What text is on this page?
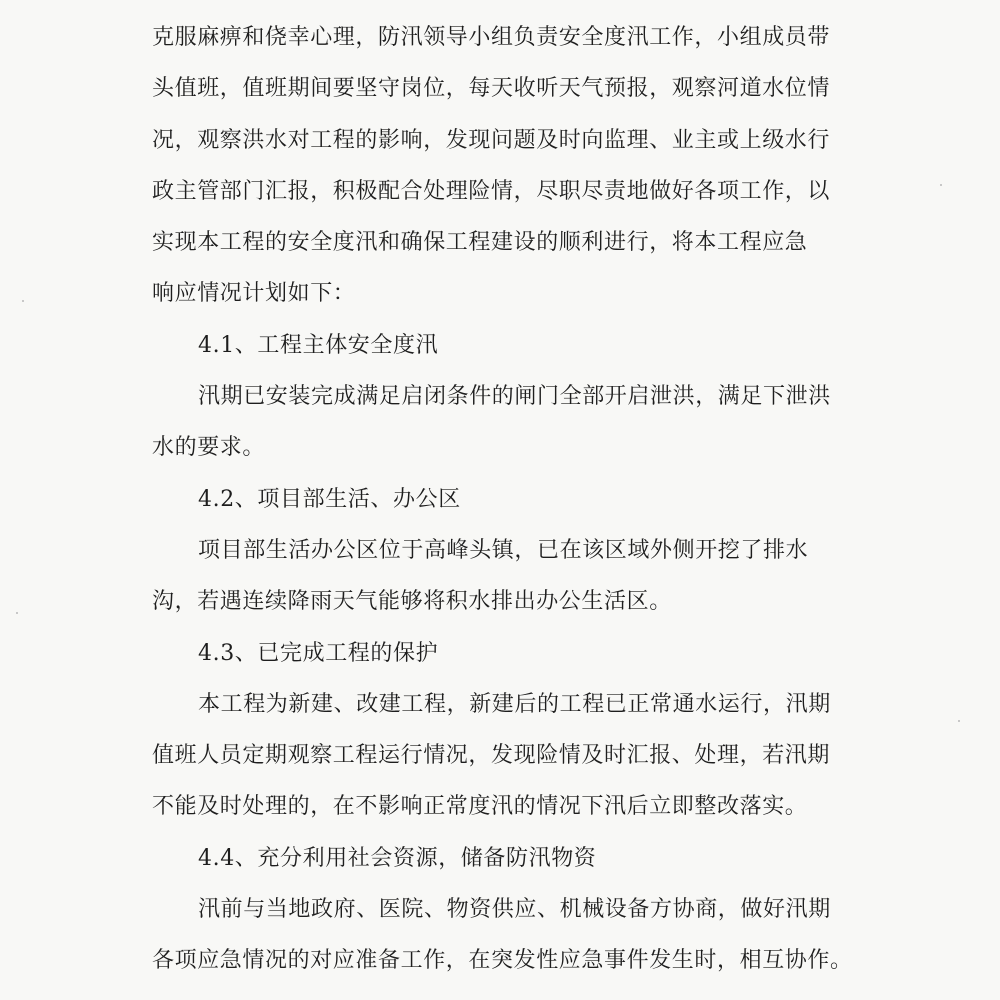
克服麻痹和侥幸心理，防汛领导小组负责安全度汛工作，小组成员带
头值班，值班期间要坚守岗位，每天收听天气预报，观察河道水位情
况，观察洪水对工程的影响，发现问题及时向监理、业主或上级水行
政主管部门汇报，积极配合处理险情，尽职尽责地做好各项工作，以
实现本工程的安全度汛和确保工程建设的顺利进行，将本工程应急
响应情况计划如下：
4.1、工程主体安全度汛
汛期已安装完成满足启闭条件的闸门全部开启泄洪，满足下泄洪
水的要求。
4.2、项目部生活、办公区
项目部生活办公区位于高峰头镇，已在该区域外侧开挖了排水
沟，若遇连续降雨天气能够将积水排出办公生活区。
4.3、已完成工程的保护
本工程为新建、改建工程，新建后的工程已正常通水运行，汛期
值班人员定期观察工程运行情况，发现险情及时汇报、处理，若汛期
不能及时处理的，在不影响正常度汛的情况下汛后立即整改落实。
4.4、充分利用社会资源，储备防汛物资
汛前与当地政府、医院、物资供应、机械设备方协商，做好汛期
各项应急情况的对应准备工作，在突发性应急事件发生时，相互协作。
